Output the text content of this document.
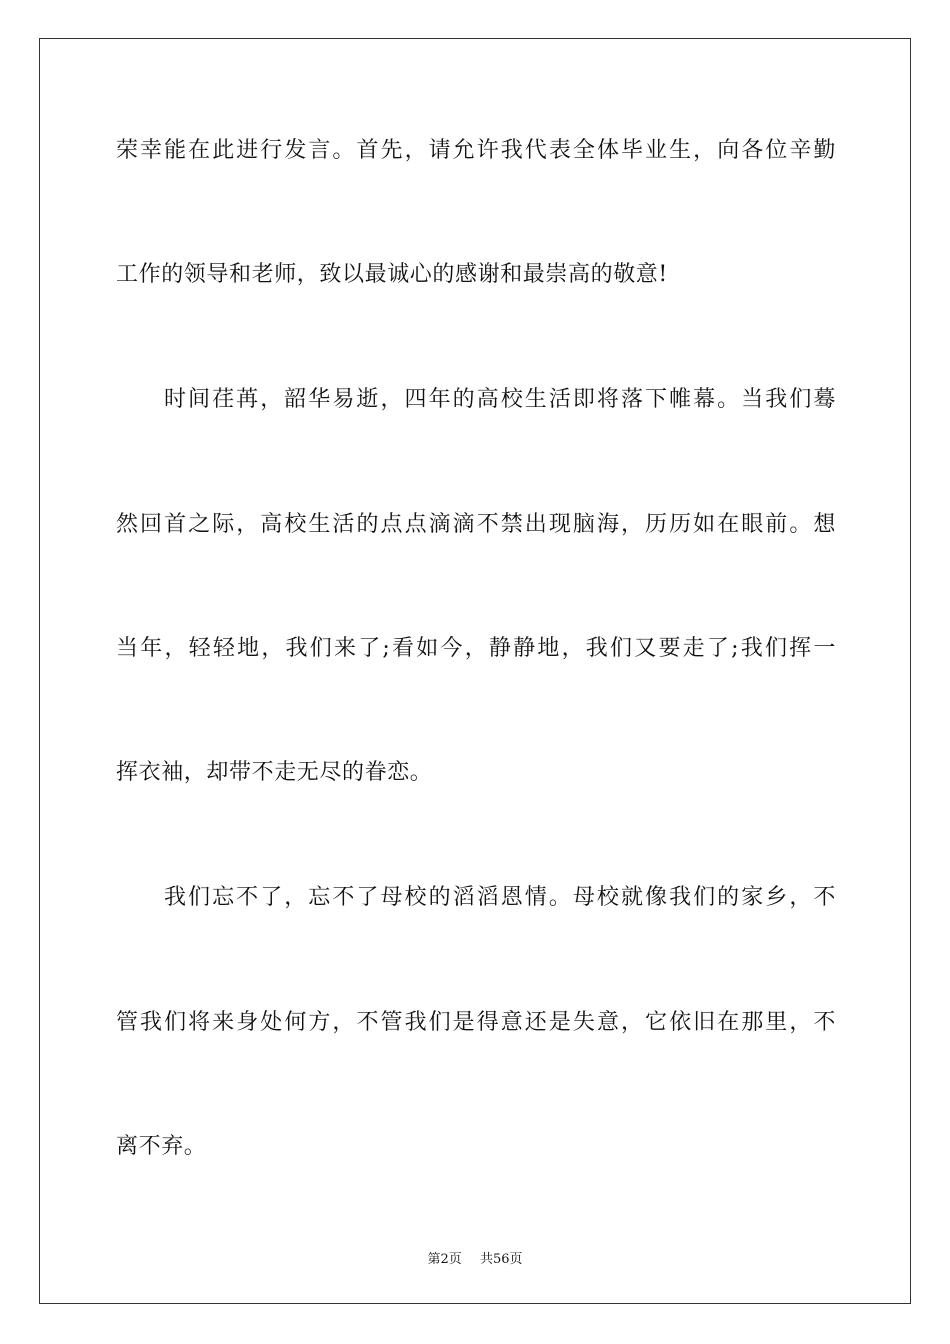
荣幸能在此进行发言。首先，请允许我代表全体毕业生，向各位辛勤
工作的领导和老师，致以最诚心的感谢和最崇高的敬意!
时间荏苒，韶华易逝，四年的高校生活即将落下帷幕。当我们蓦
然回首之际，高校生活的点点滴滴不禁出现脑海，历历如在眼前。想
当年，轻轻地，我们来了;看如今，静静地，我们又要走了;我们挥一
挥衣袖，却带不走无尽的眷恋。
我们忘不了，忘不了母校的滔滔恩情。母校就像我们的家乡，不
管我们将来身处何方，不管我们是得意还是失意，它依旧在那里，不
离不弃。
第2页 共56页
